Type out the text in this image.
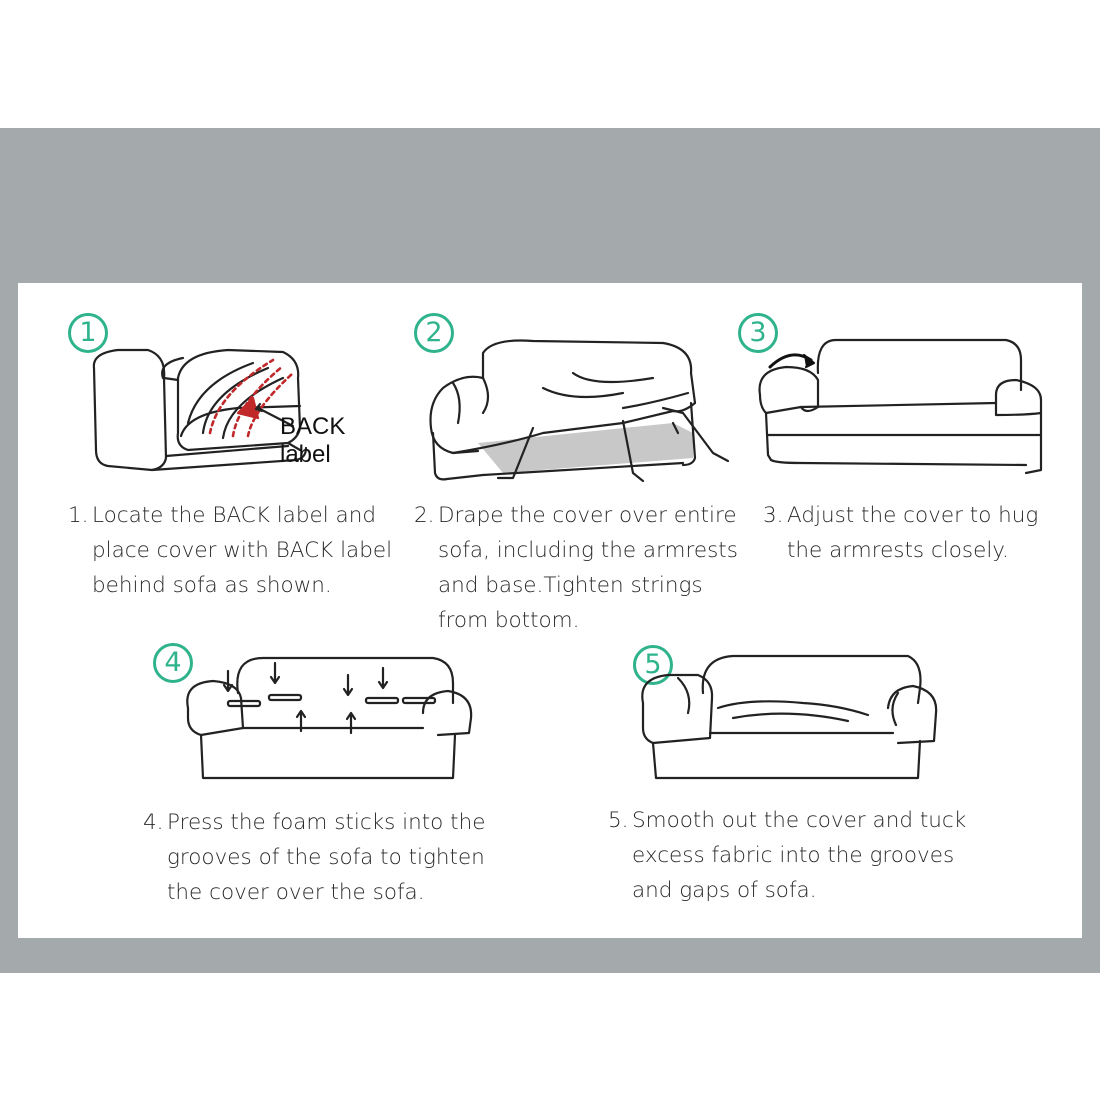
1
BACK label
1. Locate the BACK label and
place cover with BACK label
behind sofa as shown.
2
2. Drape the cover over entire
sofa, including the armrests
and base.Tighten strings
from bottom.
3
3. Adjust the cover to hug
the armrests closely.
4
4. Press the foam sticks into the
grooves of the sofa to tighten
the cover over the sofa.
5
5. Smooth out the cover and tuck
excess fabric into the grooves
and gaps of sofa.
